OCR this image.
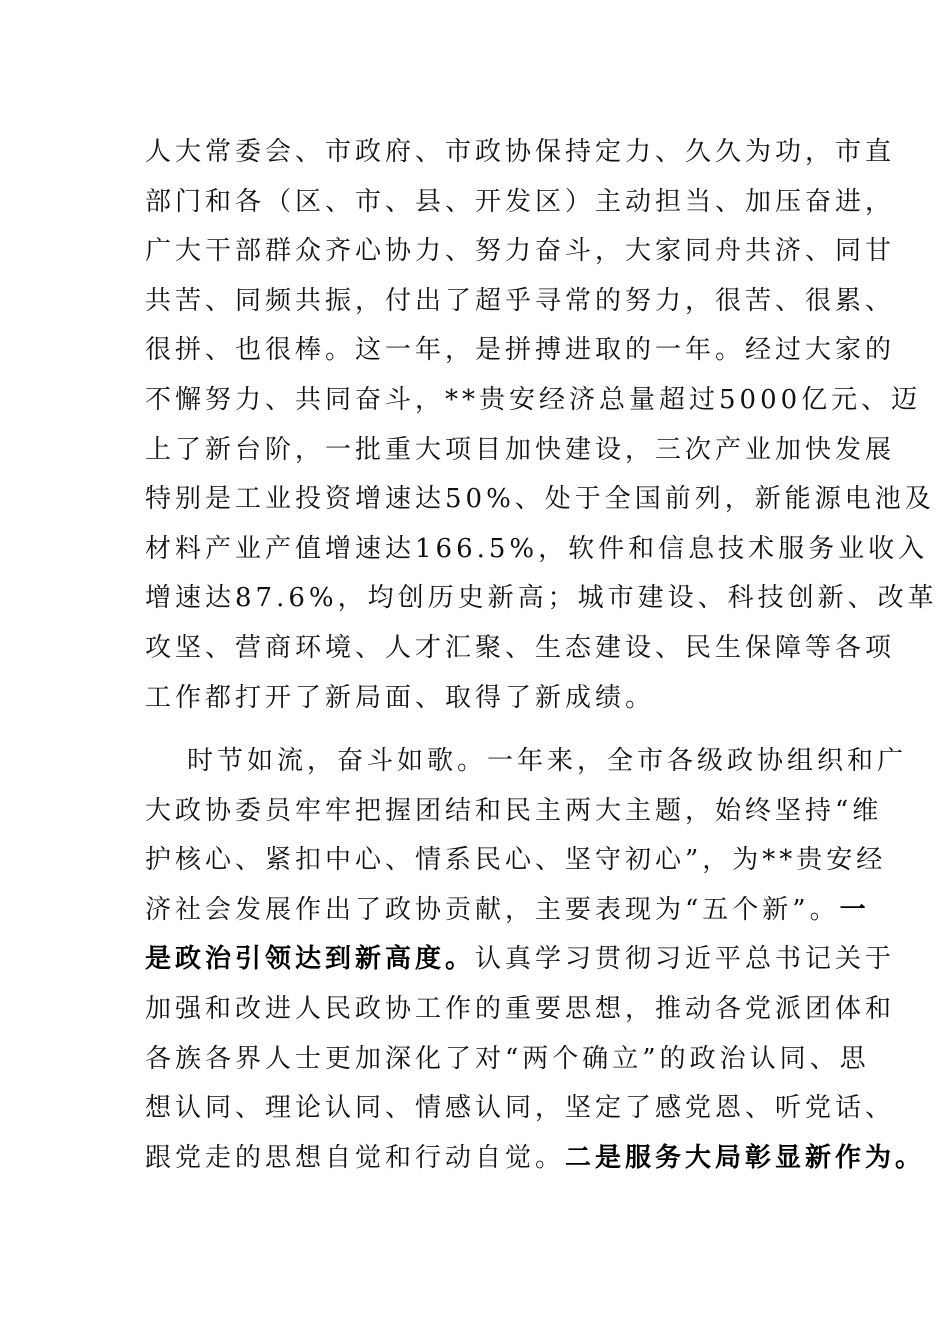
人大常委会、市政府、市政协保持定力、久久为功，市直
部门和各（区、市、县、开发区）主动担当、加压奋进，
广大干部群众齐心协力、努力奋斗，大家同舟共济、同甘
共苦、同频共振，付出了超乎寻常的努力，很苦、很累、
很拼、也很棒。这一年，是拼搏进取的一年。经过大家的
不懈努力、共同奋斗，**贵安经济总量超过5000亿元、迈
上了新台阶，一批重大项目加快建设，三次产业加快发展
特别是工业投资增速达50%、处于全国前列，新能源电池及
材料产业产值增速达166.5%，软件和信息技术服务业收入
增速达87.6%，均创历史新高；城市建设、科技创新、改革
攻坚、营商环境、人才汇聚、生态建设、民生保障等各项
工作都打开了新局面、取得了新成绩。
时节如流，奋斗如歌。一年来，全市各级政协组织和广
大政协委员牢牢把握团结和民主两大主题，始终坚持“维
护核心、紧扣中心、情系民心、坚守初心”，为**贵安经
济社会发展作出了政协贡献，主要表现为“五个新”。一
是政治引领达到新高度。认真学习贯彻习近平总书记关于
加强和改进人民政协工作的重要思想，推动各党派团体和
各族各界人士更加深化了对“两个确立”的政治认同、思
想认同、理论认同、情感认同，坚定了感党恩、听党话、
跟党走的思想自觉和行动自觉。二是服务大局彰显新作为。
